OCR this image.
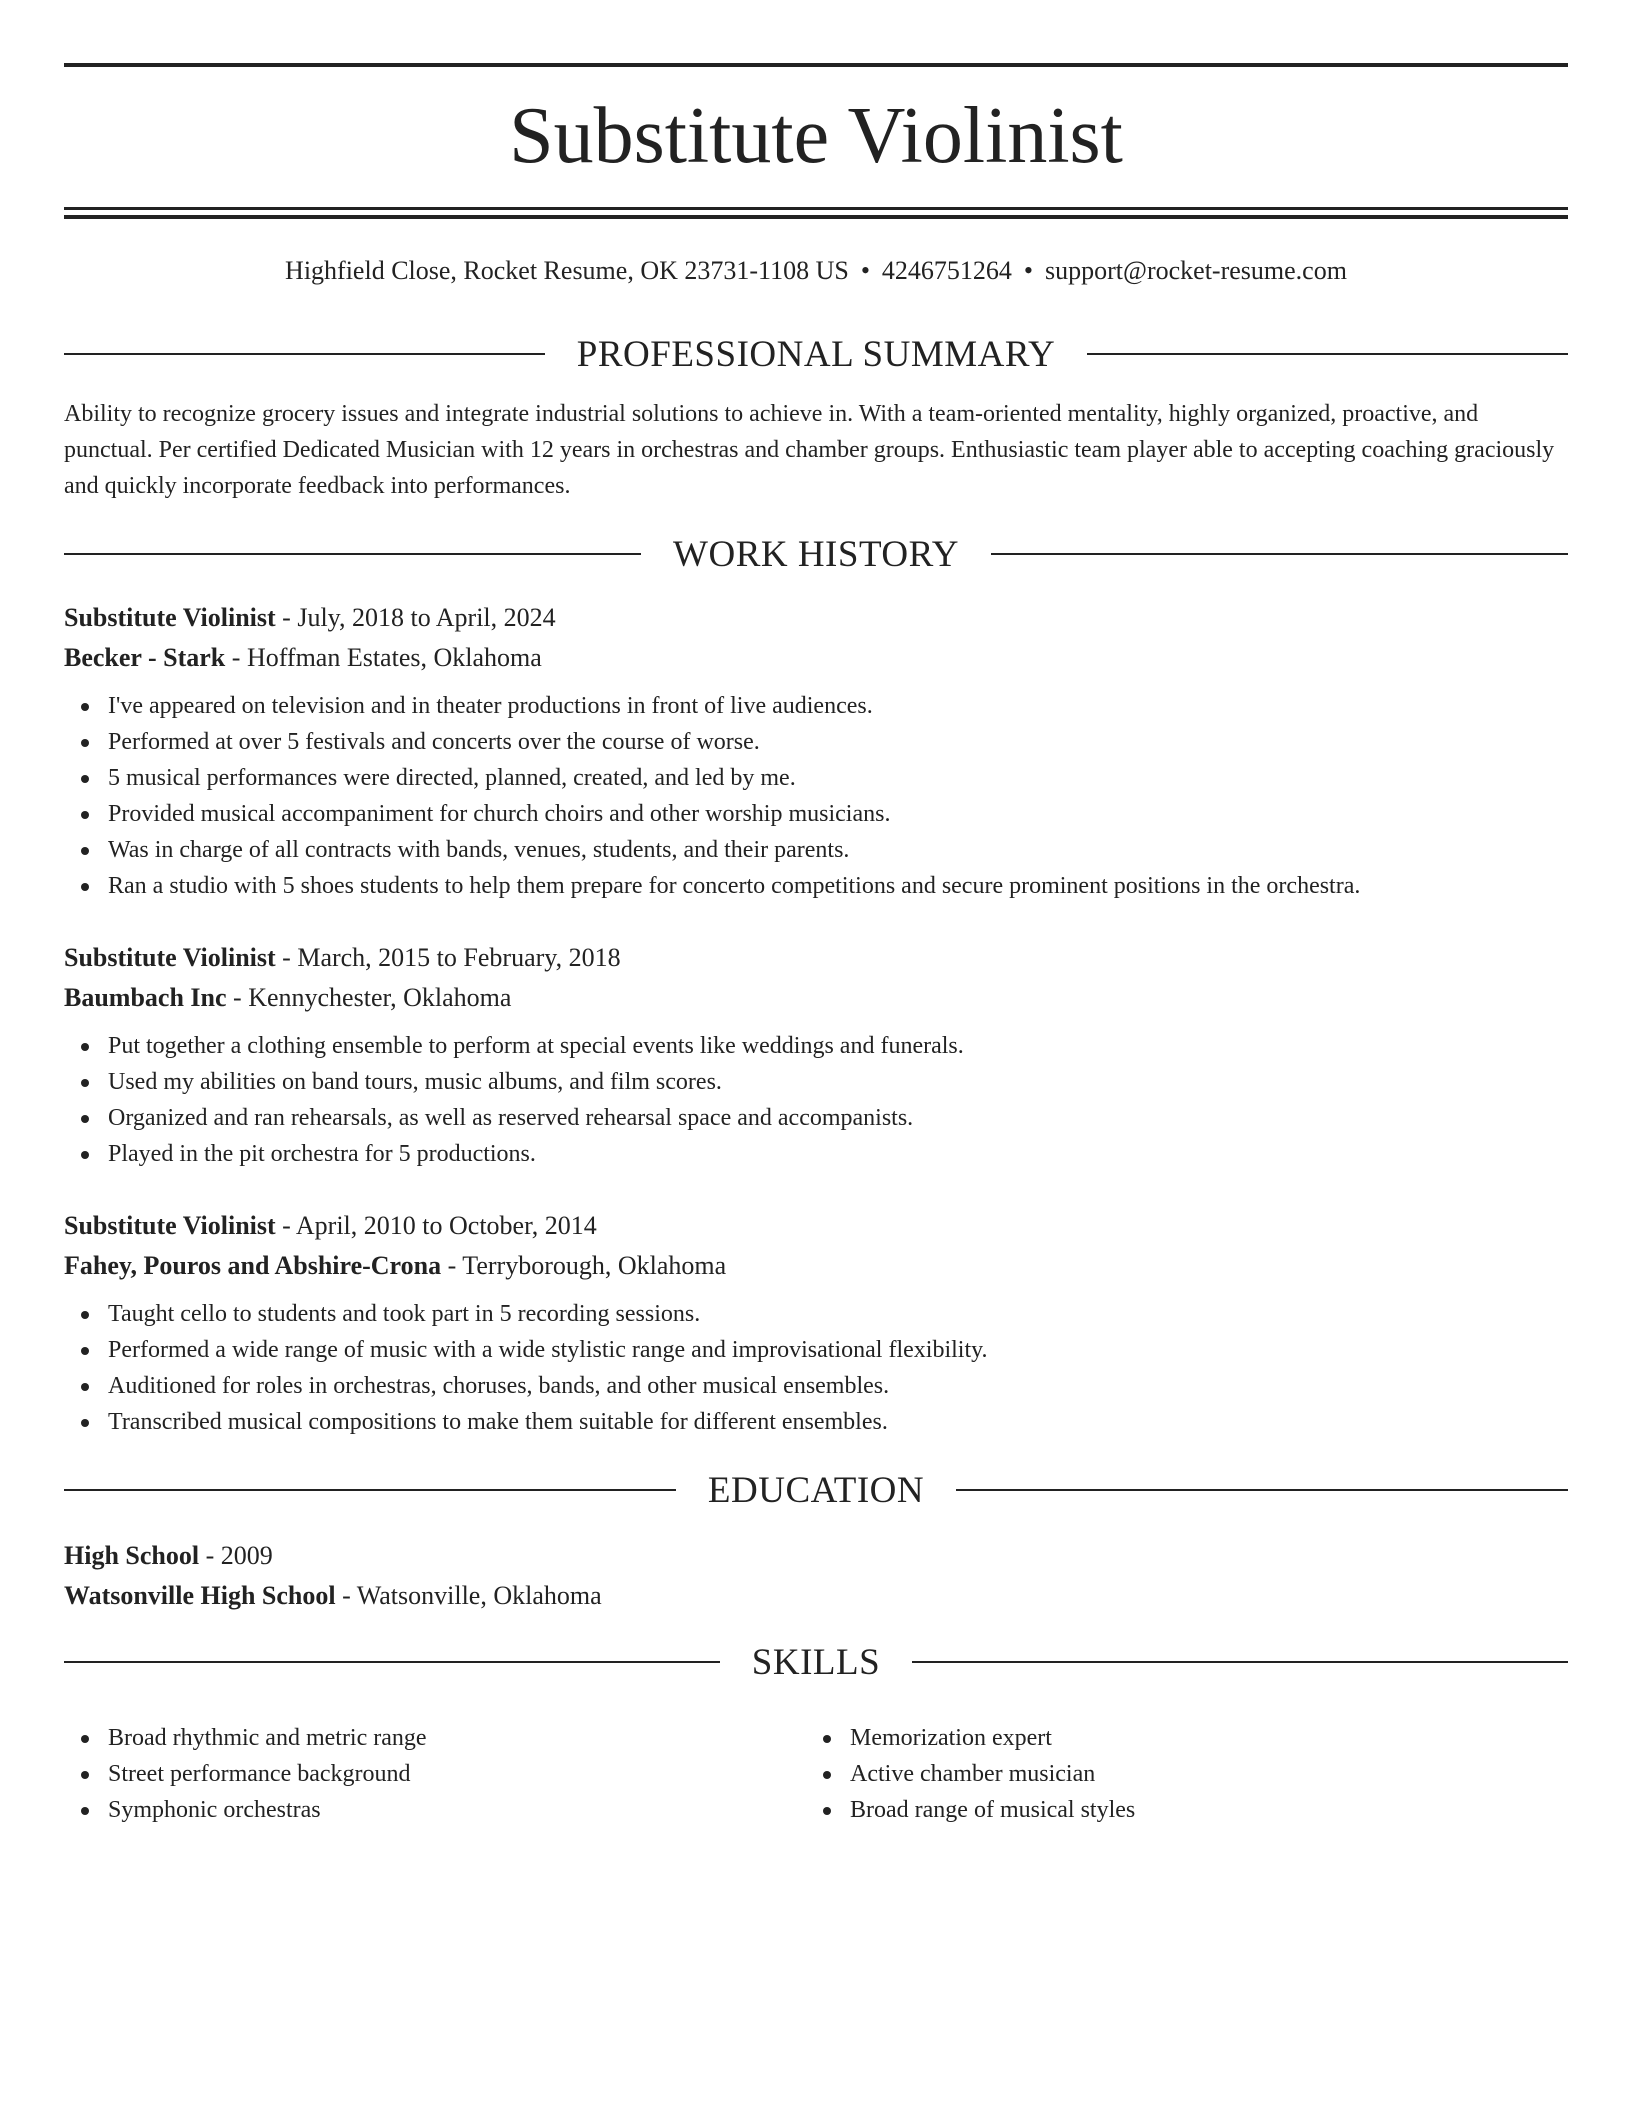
Substitute Violinist
Highfield Close, Rocket Resume, OK 23731-1108 US • 4246751264 • support@rocket-resume.com
PROFESSIONAL SUMMARY

Ability to recognize grocery issues and integrate industrial solutions to achieve in. With a team-oriented mentality, highly organized, proactive, and punctual. Per certified Dedicated Musician with 12 years in orchestras and chamber groups. Enthusiastic team player able to accepting coaching graciously and quickly incorporate feedback into performances.

WORK HISTORY
Substitute Violinist - July, 2018 to April, 2024
Becker - Stark - Hoffman Estates, Oklahoma
I've appeared on television and in theater productions in front of live audiences.
Performed at over 5 festivals and concerts over the course of worse.
5 musical performances were directed, planned, created, and led by me.
Provided musical accompaniment for church choirs and other worship musicians.
Was in charge of all contracts with bands, venues, students, and their parents.
Ran a studio with 5 shoes students to help them prepare for concerto competitions and secure prominent positions in the orchestra.
Substitute Violinist - March, 2015 to February, 2018
Baumbach Inc - Kennychester, Oklahoma
Put together a clothing ensemble to perform at special events like weddings and funerals.
Used my abilities on band tours, music albums, and film scores.
Organized and ran rehearsals, as well as reserved rehearsal space and accompanists.
Played in the pit orchestra for 5 productions.
Substitute Violinist - April, 2010 to October, 2014
Fahey, Pouros and Abshire-Crona - Terryborough, Oklahoma
Taught cello to students and took part in 5 recording sessions.
Performed a wide range of music with a wide stylistic range and improvisational flexibility.
Auditioned for roles in orchestras, choruses, bands, and other musical ensembles.
Transcribed musical compositions to make them suitable for different ensembles.
EDUCATION
High School - 2009
Watsonville High School - Watsonville, Oklahoma
SKILLS
Broad rhythmic and metric range
Street performance background
Symphonic orchestras
Memorization expert
Active chamber musician
Broad range of musical styles
